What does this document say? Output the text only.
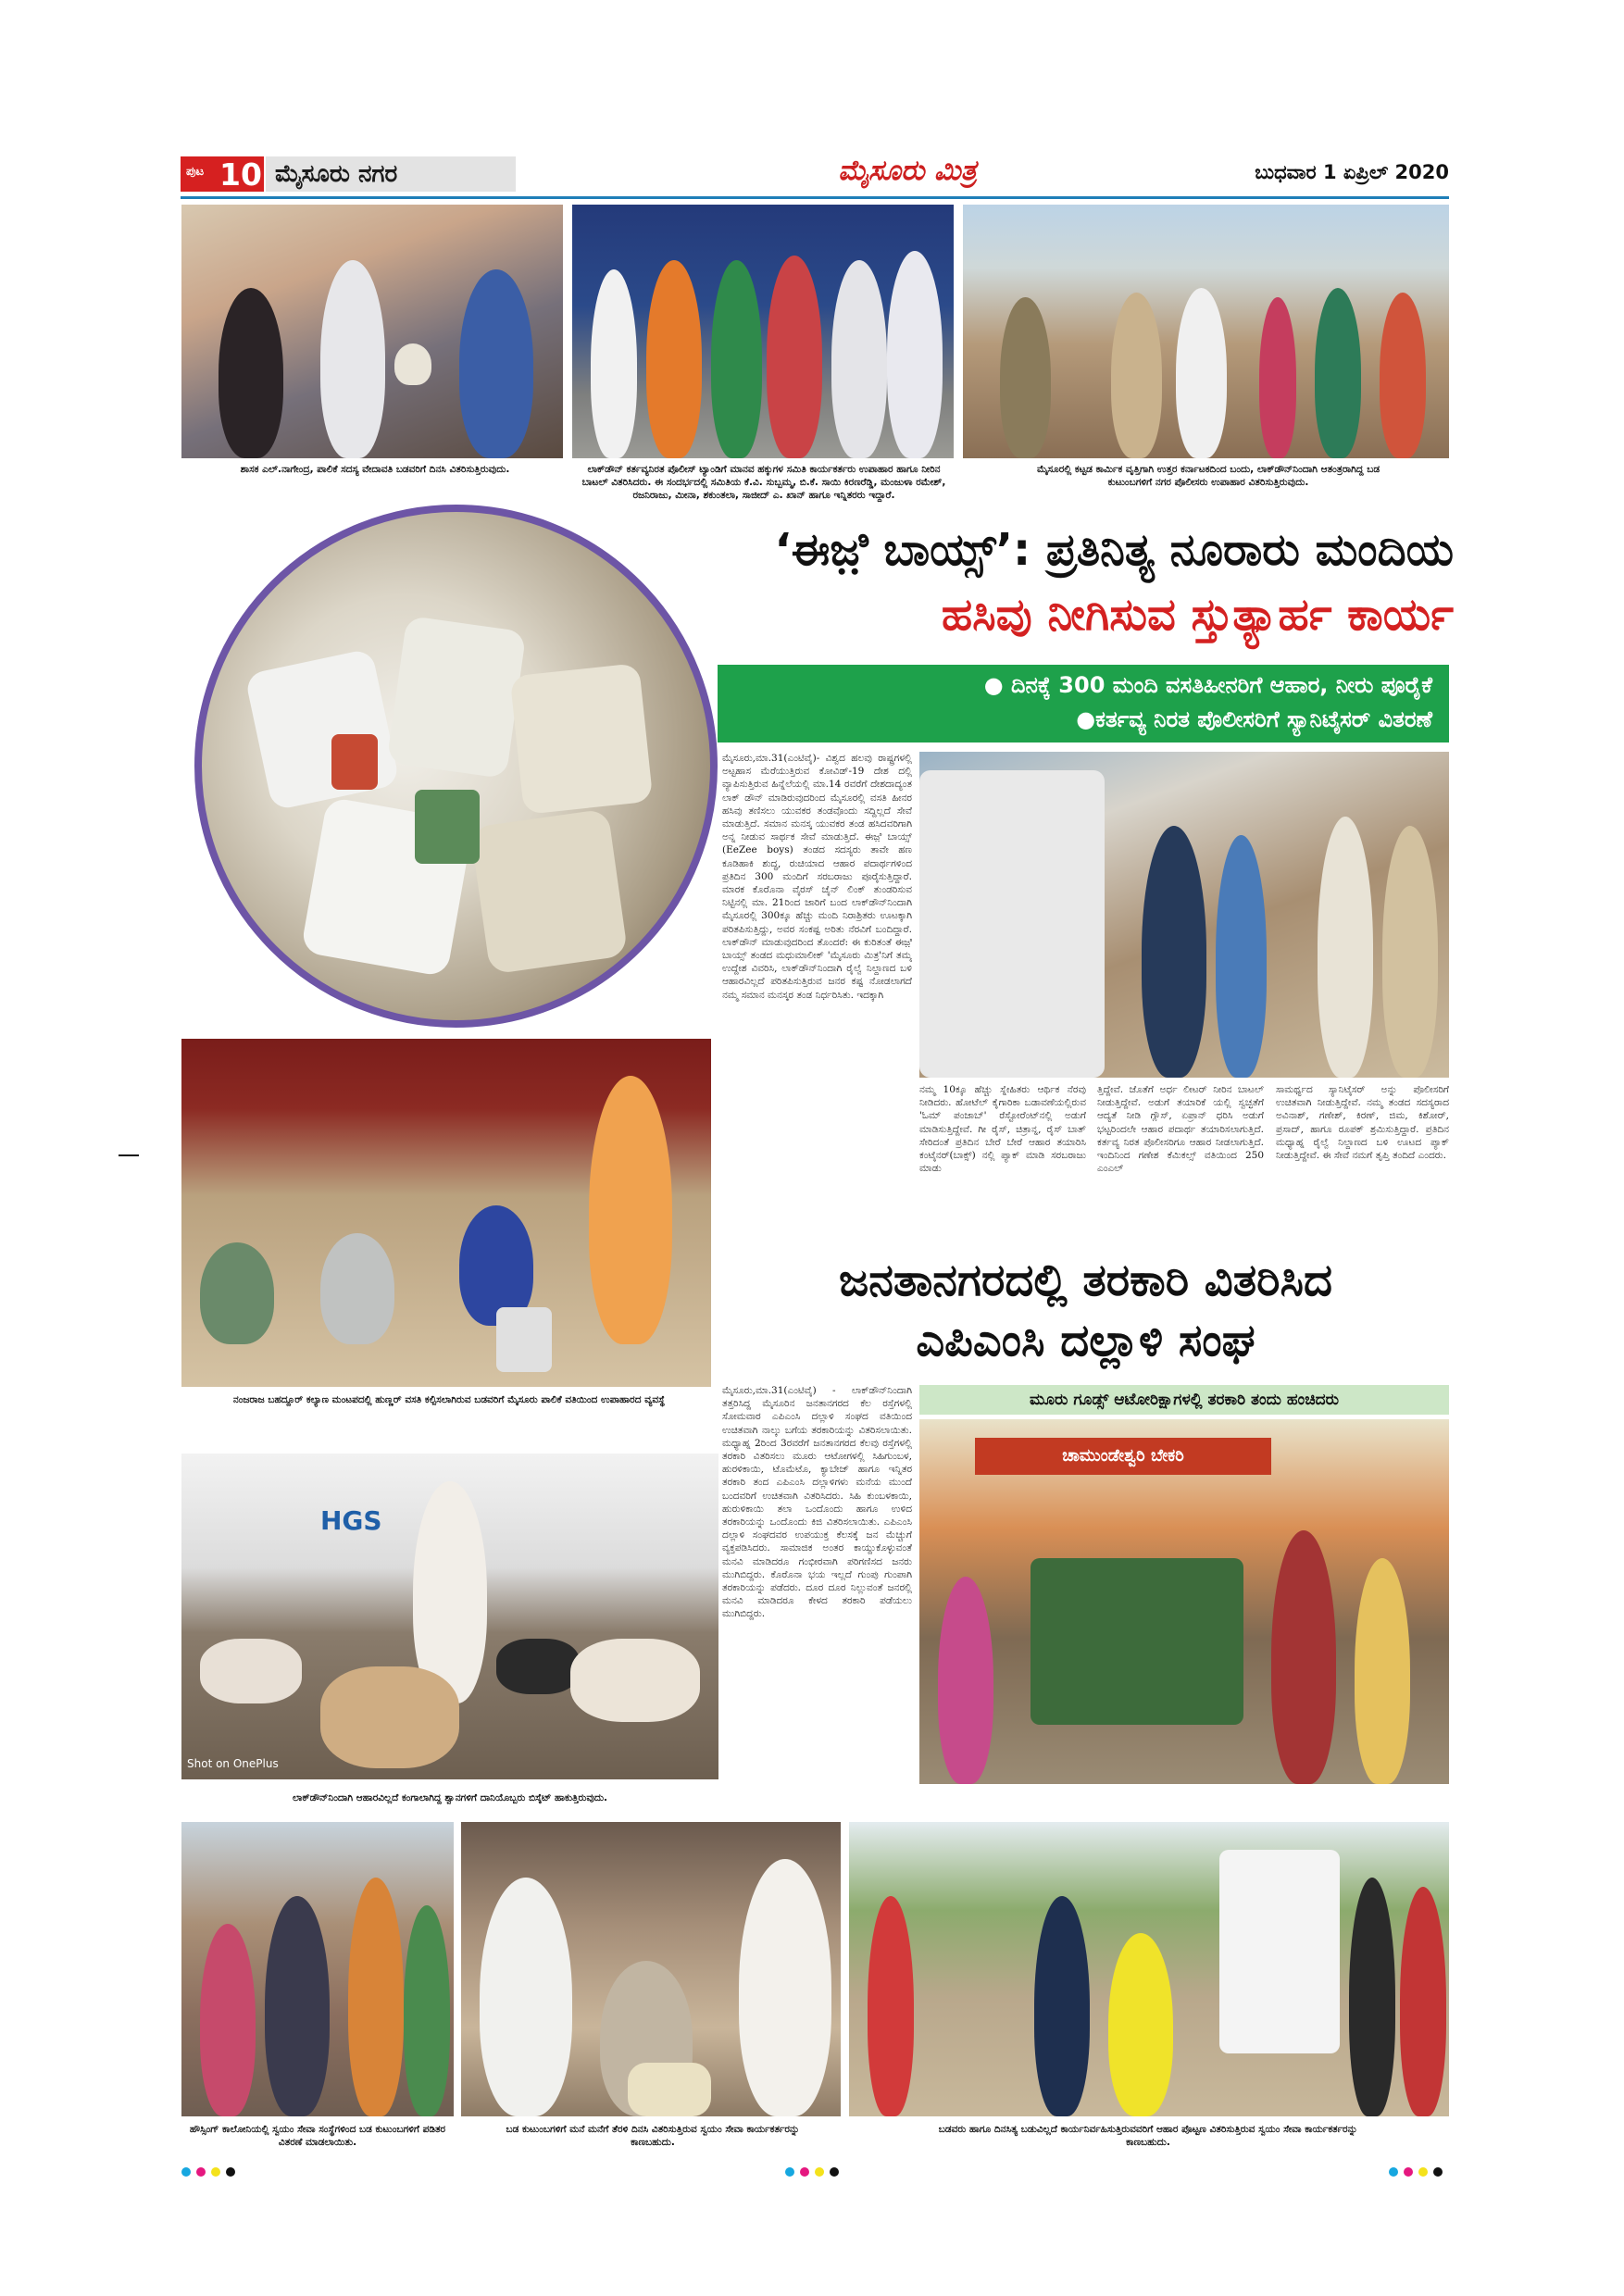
ಪುಟ 10 ಮೈಸೂರು ನಗರ	ಮೈಸೂರು ಮಿತ್ರ	ಬುಧವಾರ 1 ಏಪ್ರಿಲ್ 2020
ಶಾಸಕ ಎಲ್.ನಾಗೇಂದ್ರ, ಪಾಲಿಕೆ ಸದಸ್ಯ ವೇದಾವತಿ ಬಡವರಿಗೆ ದಿನಸಿ ವಿತರಿಸುತ್ತಿರುವುದು.	ಲಾಕ್‌ಡೌನ್ ಕರ್ತವ್ಯನಿರತ ಪೊಲೀಸ್ ಟ್ಯಾಂಡಿಗೆ ಮಾನವ ಹಕ್ಕುಗಳ ಸಮಿತಿ ಕಾರ್ಯಕರ್ತರು ಉಪಾಹಾರ ಹಾಗೂ ನೀರಿನ ಬಾಟಲ್ ವಿತರಿಸಿದರು. ಈ ಸಂದರ್ಭದಲ್ಲಿ ಸಮಿತಿಯ ಕೆ.ವಿ. ಸುಬ್ಬಮ್ಮ, ಬಿ.ಕೆ. ಸಾಯಿ ಕಿರಣರೆಡ್ಡಿ, ಮಂಜುಳಾ ರಮೇಶ್, ರಜನಿರಾಜು, ಮೀನಾ, ಶಕುಂತಲಾ, ಸಾಜೀದ್ ಎ. ಖಾನ್ ಹಾಗೂ ಇನ್ನಿತರರು ಇದ್ದಾರೆ.
ಮೈಸೂರಲ್ಲಿ ಕಟ್ಟಡ ಕಾರ್ಮಿಕ ವೃತ್ತಿಗಾಗಿ ಉತ್ತರ ಕರ್ನಾಟಕದಿಂದ ಬಂದು, ಲಾಕ್‌ಡೌನ್‌ನಿಂದಾಗಿ ಆತಂತ್ರರಾಗಿದ್ದ ಬಡ ಕುಟುಂಬಗಳಿಗೆ ನಗರ ಪೊಲೀಸರು ಉಪಾಹಾರ ವಿತರಿಸುತ್ತಿರುವುದು.
‘ಈಜ಼ಿ ಬಾಯ್ಸ್’: ಪ್ರತಿನಿತ್ಯ ನೂರಾರು ಮಂದಿಯ
ಹಸಿವು ನೀಗಿಸುವ ಸ್ತುತ್ಯಾರ್ಹ ಕಾರ್ಯ
● ದಿನಕ್ಕೆ 300 ಮಂದಿ ವಸತಿಹೀನರಿಗೆ ಆಹಾರ, ನೀರು ಪೂರೈಕೆ
●ಕರ್ತವ್ಯ ನಿರತ ಪೊಲೀಸರಿಗೆ ಸ್ಯಾನಿಟೈಸರ್ ವಿತರಣೆ
ಮೈಸೂರು,ಮಾ.31(ಎಂಟಿವೈ)- ವಿಶ್ವದ ಹಲವು ರಾಷ್ಟ್ರಗಳಲ್ಲಿ ಅಟ್ಟಹಾಸ ಮೆರೆಯುತ್ತಿರುವ ಕೋವಿಡ್-19 ದೇಶ ದಲ್ಲಿ ವ್ಯಾಪಿಸುತ್ತಿರುವ ಹಿನ್ನೆಲೆಯಲ್ಲಿ ಮಾ.14 ರವರೆಗೆ ದೇಶದಾದ್ಯಂತ ಲಾಕ್ ಡೌನ್ ಮಾಡಿರುವುದರಿಂದ ಮೈಸೂರಲ್ಲಿ ವಸತಿ ಹೀನರ ಹಸಿವು ತಣಿಸಲು ಯುವಕರ ತಂಡವೊಂದು ಸದ್ದಿಲ್ಲದೆ ಸೇವೆ ಮಾಡುತ್ತಿದೆ. ಸಮಾನ ಮನಸ್ಕ ಯುವಕರ ತಂಡ ಹಸಿದವರಿಗಾಗಿ ಅನ್ನ ನೀಡುವ ಸಾರ್ಥಕ ಸೇವೆ ಮಾಡುತ್ತಿದೆ. ಈಜ಼ಿ ಬಾಯ್ಸ್ (EeZee boys) ತಂಡದ ಸದಸ್ಯರು ತಾವೇ ಹಣ ಕೂಡಿಹಾಕಿ ಶುದ್ಧ, ರುಚಿಯಾದ ಆಹಾರ ಪದಾರ್ಥಗಳಿಂದ ಪ್ರತಿದಿನ 300 ಮಂದಿಗೆ ಸರಬರಾಜು ಪೂರೈಸುತ್ತಿದ್ದಾರೆ. ಮಾರಕ ಕೊರೊನಾ ವೈರಸ್ ಚೈನ್ ಲಿಂಕ್ ತುಂಡರಿಸುವ ನಿಟ್ಟಿನಲ್ಲಿ ಮಾ. 21ರಿಂದ ಜಾರಿಗೆ ಬಂದ ಲಾಕ್‌ಡೌನ್‌ನಿಂದಾಗಿ ಮೈಸೂರಲ್ಲಿ 300ಕ್ಕೂ ಹೆಚ್ಚು ಮಂದಿ ನಿರಾಶ್ರಿತರು ಊಟಕ್ಕಾಗಿ ಪರಿತಪಿಸುತ್ತಿದ್ದು, ಅವರ ಸಂಕಷ್ಟ ಅರಿತು ನೆರವಿಗೆ ಬಂದಿದ್ದಾರೆ. ಲಾಕ್‌ಡೌನ್ ಮಾಡುವುದರಿಂದ ತೊಂದರೆ: ಈ ಕುರಿತಂತೆ ಈಜ಼ಿ ಬಾಯ್ಸ್ ತಂಡದ ಮಧುಮಾಲೀಕ್ 'ಮೈಸೂರು ಮಿತ್ರ'ನಿಗೆ ತಮ್ಮ ಉದ್ದೇಶ ವಿವರಿಸಿ, ಲಾಕ್‌ಡೌನ್‌ನಿಂದಾಗಿ ರೈಲ್ವೆ ನಿಲ್ದಾಣದ ಬಳಿ ಆಹಾರವಿಲ್ಲದೆ ಪರಿತಪಿಸುತ್ತಿರುವ ಜನರ ಕಷ್ಟ ನೋಡಲಾಗದೆ ನಮ್ಮ ಸಮಾನ ಮನಸ್ಕರ ತಂಡ ನಿರ್ಧರಿಸಿತು. ಇದಕ್ಕಾಗಿ
ನಮ್ಮ 10ಕ್ಕೂ ಹೆಚ್ಚು ಸ್ನೇಹಿತರು ಆರ್ಥಿಕ ನೆರವು ನೀಡಿದರು. ಹೋಟೆಲ್ ಕೈಗಾರಿಕಾ ಬಡಾವಣೆಯಲ್ಲಿರುವ 'ಓಮ್ ಪಂಜಾಬ್' ರೆಸ್ಟೋರೆಂಟ್‌ನಲ್ಲಿ ಅಡುಗೆ ಮಾಡಿಸುತ್ತಿದ್ದೇವೆ. ಗೀ ರೈಸ್, ಚಿತ್ರಾನ್ನ, ರೈಸ್ ಬಾತ್ ಸೇರಿದಂತೆ ಪ್ರತಿದಿನ ಬೇರೆ ಬೇರೆ ಆಹಾರ ತಯಾರಿಸಿ ಕಂಟೈನರ್(ಬಾಕ್ಸ್) ನಲ್ಲಿ ಪ್ಯಾಕ್ ಮಾಡಿ ಸರಬರಾಜು ಮಾಡು
ತ್ತಿದ್ದೇವೆ. ಜೊತೆಗೆ ಅರ್ಧ ಲೀಟರ್ ನೀರಿನ ಬಾಟಲ್ ನೀಡುತ್ತಿದ್ದೇವೆ. ಅಡುಗೆ ತಯಾರಿಕೆ ಯಲ್ಲಿ ಸ್ವಚ್ಛತೆಗೆ ಆದ್ಯತೆ ನೀಡಿ ಗ್ಲೌಸ್, ಏಪ್ರಾನ್ ಧರಿಸಿ ಅಡುಗೆ ಭಟ್ಟರಿಂದಲೇ ಆಹಾರ ಪದಾರ್ಥ ತಯಾರಿಸಲಾಗುತ್ತಿದೆ. ಕರ್ತವ್ಯ ನಿರತ ಪೊಲೀಸರಿಗೂ ಆಹಾರ ನೀಡಲಾಗುತ್ತಿದೆ. ಇಂದಿನಿಂದ ಗಣೇಶ ಕೆಮಿಕಲ್ಸ್ ವತಿಯಿಂದ 250 ಎಂಎಲ್
ಸಾಮರ್ಥ್ಯದ ಸ್ಯಾನಿಟೈಸರ್ ಅನ್ನು ಪೊಲೀಸರಿಗೆ ಉಚಿತವಾಗಿ ನೀಡುತ್ತಿದ್ದೇವೆ. ನಮ್ಮ ತಂಡದ ಸದಸ್ಯರಾದ ಅವಿನಾಶ್, ಗಣೇಶ್, ಕಿರಣ್, ಜಿಮ, ಕಿಶೋರ್, ಪ್ರಸಾದ್, ಹಾಗೂ ರೂಪಕ್ ಶ್ರಮಿಸುತ್ತಿದ್ದಾರೆ. ಪ್ರತಿದಿನ ಮಧ್ಯಾಹ್ನ ರೈಲ್ವೆ ನಿಲ್ದಾಣದ ಬಳಿ ಊಟದ ಪ್ಯಾಕ್ ನೀಡುತ್ತಿದ್ದೇವೆ. ಈ ಸೇವೆ ನಮಗೆ ತೃಪ್ತಿ ತಂದಿದೆ ಎಂದರು.
ನಂಜರಾಜ ಬಹದ್ದೂರ್ ಕಲ್ಯಾಣ ಮಂಟಪದಲ್ಲಿ ಹುಣ್ಣರ್ ವಸತಿ ಕಲ್ಪಿಸಲಾಗಿರುವ ಬಡವರಿಗೆ ಮೈಸೂರು ಪಾಲಿಕೆ ವತಿಯಿಂದ ಉಪಾಹಾರದ ವ್ಯವಸ್ಥೆ
ಜನತಾನಗರದಲ್ಲಿ ತರಕಾರಿ ವಿತರಿಸಿದ
ಎಪಿಎಂಸಿ ದಲ್ಲಾಳಿ ಸಂಘ
ಮೈಸೂರು,ಮಾ.31(ಎಂಟಿವೈ) - ಲಾಕ್‌ಡೌನ್‌ನಿಂದಾಗಿ ತತ್ತರಿಸಿದ್ದ ಮೈಸೂರಿನ ಜನತಾನಗರದ ಕೆಲ ರಸ್ತೆಗಳಲ್ಲಿ ಸೋಮವಾರ ಎಪಿಎಂಸಿ ದಲ್ಲಾಳಿ ಸಂಘದ ವತಿಯಿಂದ ಉಚಿತವಾಗಿ ನಾಲ್ಕು ಬಗೆಯ ತರಕಾರಿಯನ್ನು ವಿತರಿಸಲಾಯಿತು. ಮಧ್ಯಾಹ್ನ 2ರಿಂದ 3ರವರೆಗೆ ಜನತಾನಗರದ ಕೆಲವು ರಸ್ತೆಗಳಲ್ಲಿ ತರಕಾರಿ ವಿತರಿಸಲು ಮೂರು ಆಟೋಗಳಲ್ಲಿ ಸಿಹಿಗುಂಬಳ, ಹುರಳಿಕಾಯಿ, ಟೊಮೆಟೊ, ಕ್ಯಾಬೇಜ್ ಹಾಗೂ ಇನ್ನಿತರ ತರಕಾರಿ ತಂದ ಎಪಿಎಂಸಿ ದಲ್ಲಾಳಿಗಳು ಮನೆಯ ಮುಂದೆ ಬಂದವರಿಗೆ ಉಚಿತವಾಗಿ ವಿತರಿಸಿದರು. ಸಿಹಿ ಕುಂಬಳಕಾಯಿ, ಹುರುಳಿಕಾಯಿ ತಲಾ ಒಂದೊಂದು ಹಾಗೂ ಉಳಿದ ತರಕಾರಿಯನ್ನು ಒಂದೊಂದು ಕಿಜಿ ವಿತರಿಸಲಾಯಿತು. ಎಪಿಎಂಸಿ ದಲ್ಲಾಳಿ ಸಂಘದವರ ಉಪಯುಕ್ತ ಕೆಲಸಕ್ಕೆ ಜನ ಮೆಚ್ಚುಗೆ ವ್ಯಕ್ತಪಡಿಸಿದರು. ಸಾಮಾಜಿಕ ಅಂತರ ಕಾಯ್ದುಕೊಳ್ಳುವಂತೆ ಮನವಿ ಮಾಡಿದರೂ ಗಂಭೀರವಾಗಿ ಪರಿಗಣಿಸದ ಜನರು ಮುಗಿಬಿದ್ದರು. ಕೊರೊನಾ ಭಯ ಇಲ್ಲದೆ ಗುಂಪು ಗುಂಪಾಗಿ ತರಕಾರಿಯನ್ನು ಪಡೆದರು. ದೂರ ದೂರ ನಿಲ್ಲುವಂತೆ ಜನರಲ್ಲಿ ಮನವಿ ಮಾಡಿದರೂ ಕೇಳದ ತರಕಾರಿ ಪಡೆಯಲು ಮುಗಿಬಿದ್ದರು.
ಮೂರು ಗೂಡ್ಸ್ ಆಟೋರಿಕ್ಷಾಗಳಲ್ಲಿ ತರಕಾರಿ ತಂದು ಹಂಚಿದರು
ಚಾಮುಂಡೇಶ್ವರಿ ಬೇಕರಿ
HGS
Shot on OnePlus
ಲಾಕ್‌ಡೌನ್‌ನಿಂದಾಗಿ ಆಹಾರವಿಲ್ಲದೆ ಕಂಗಾಲಾಗಿದ್ದ ಶ್ವಾನಗಳಿಗೆ ದಾನಿಯೊಬ್ಬರು ಬಿಸ್ಕೆಟ್ ಹಾಕುತ್ತಿರುವುದು.
ಹೌಸ್ಸಿಂಗ್ ಕಾಲೋನಿಯಲ್ಲಿ ಸ್ವಯಂ ಸೇವಾ ಸಂಸ್ಥೆಗಳಿಂದ ಬಡ ಕುಟುಂಬಗಳಿಗೆ ಪಡಿತರ ವಿತರಣೆ ಮಾಡಲಾಯಿತು.
ಬಡ ಕುಟುಂಬಗಳಿಗೆ ಮನೆ ಮನೆಗೆ ತೆರಳಿ ದಿನಸಿ ವಿತರಿಸುತ್ತಿರುವ ಸ್ವಯಂ ಸೇವಾ ಕಾರ್ಯಕರ್ತರನ್ನು ಕಾಣಬಹುದು.
ಬಡವರು ಹಾಗೂ ದಿನಸಿತ್ಯ ಬಡುವಿಲ್ಲದೆ ಕಾರ್ಯನಿರ್ವಹಿಸುತ್ತಿರುವವರಿಗೆ ಆಹಾರ ಪೊಟ್ಟಣ ವಿತರಿಸುತ್ತಿರುವ ಸ್ವಯಂ ಸೇವಾ ಕಾರ್ಯಕರ್ತರನ್ನು ಕಾಣಬಹುದು.
